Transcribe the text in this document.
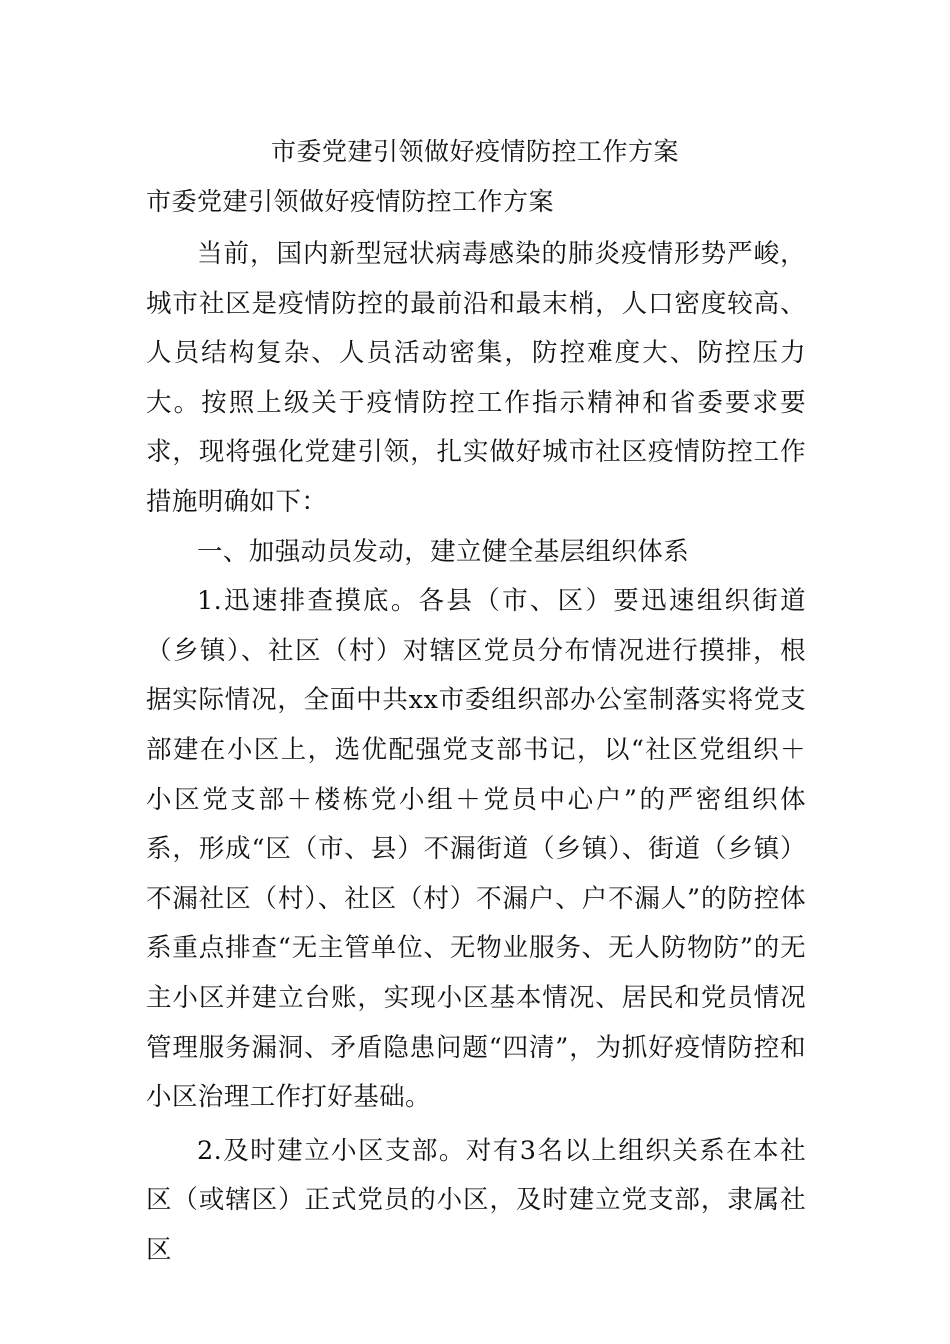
市委党建引领做好疫情防控工作方案
市委党建引领做好疫情防控工作方案

当前，国内新型冠状病毒感染的肺炎疫情形势严峻，城市社区是疫情防控的最前沿和最末梢，人口密度较高、人员结构复杂、人员活动密集，防控难度大、防控压力大。按照上级关于疫情防控工作指示精神和省委要求要求，现将强化党建引领，扎实做好城市社区疫情防控工作措施明确如下：

一、加强动员发动，建立健全基层组织体系

1.迅速排查摸底。各县（市、区）要迅速组织街道（乡镇）、社区（村）对辖区党员分布情况进行摸排，根据实际情况，全面中共xx市委组织部办公室制落实将党支部建在小区上，选优配强党支部书记，以“社区党组织＋小区党支部＋楼栋党小组＋党员中心户”的严密组织体系，形成“区（市、县）不漏街道（乡镇）、街道（乡镇）不漏社区（村）、社区（村）不漏户、户不漏人”的防控体系重点排查“无主管单位、无物业服务、无人防物防”的无主小区并建立台账，实现小区基本情况、居民和党员情况管理服务漏洞、矛盾隐患问题“四清”，为抓好疫情防控和小区治理工作打好基础。

2.及时建立小区支部。对有3名以上组织关系在本社区（或辖区）正式党员的小区，及时建立党支部，隶属社区
